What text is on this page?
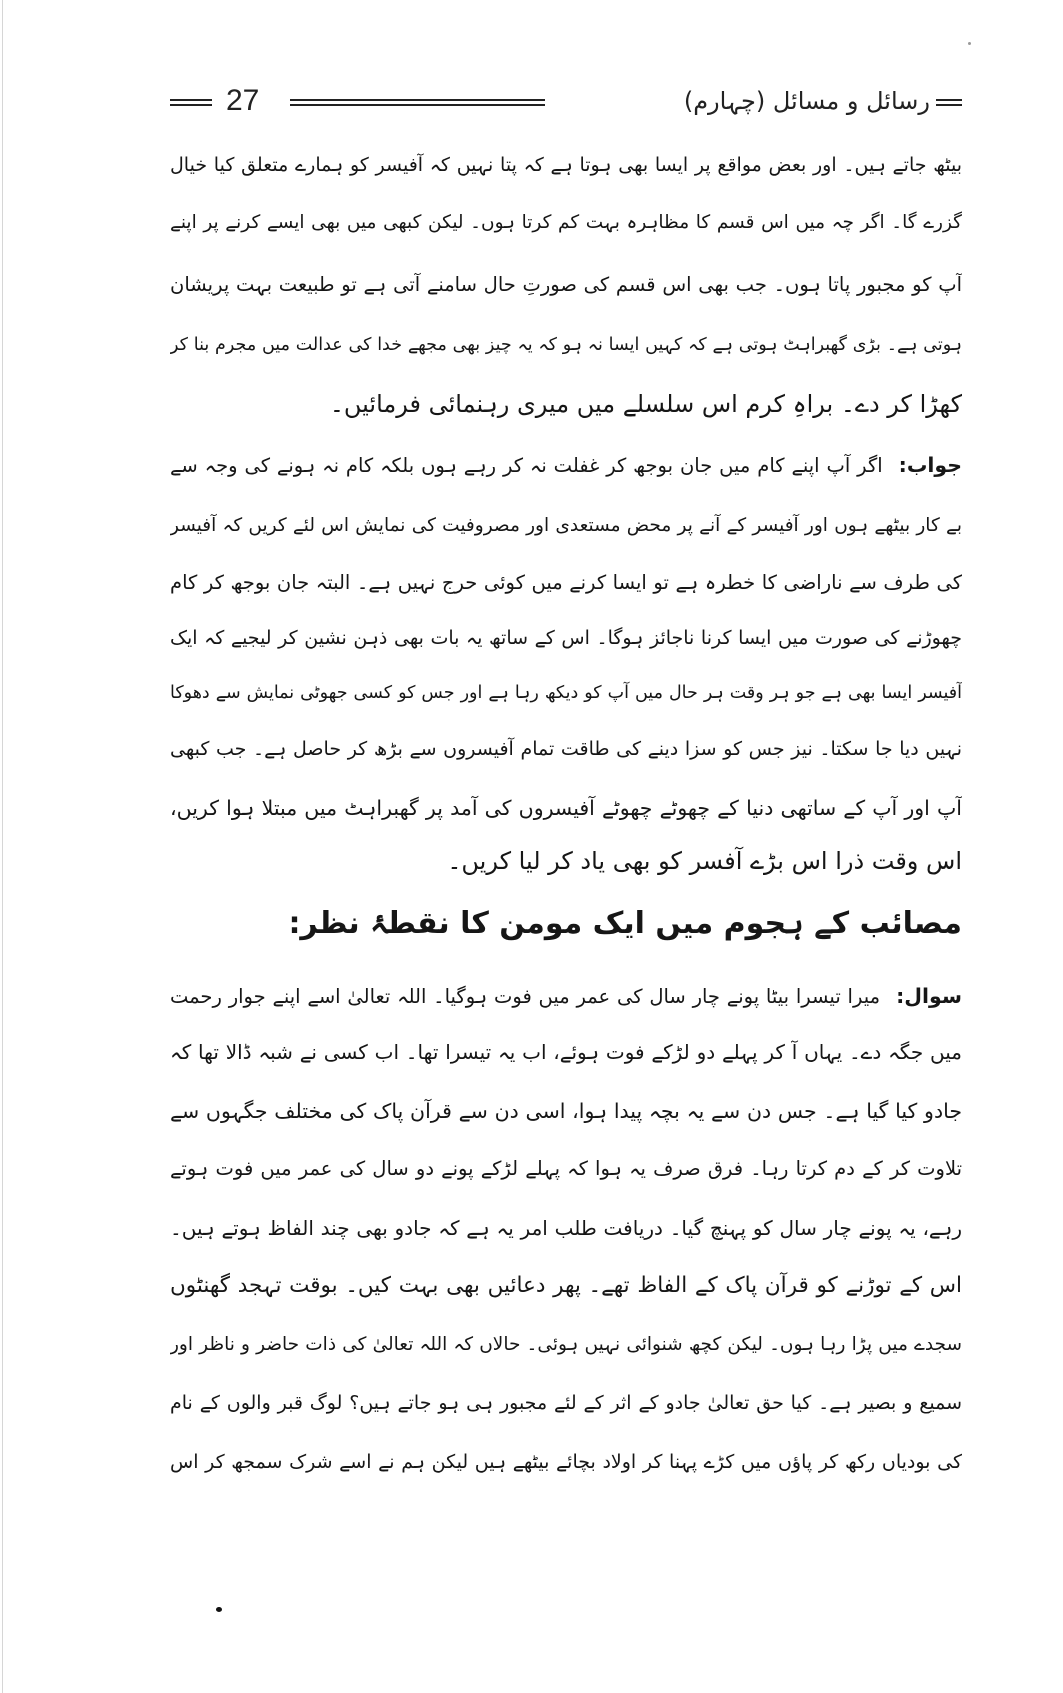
27	رسائل و مسائل (چہارم)
بیٹھ جاتے ہیں۔ اور بعض مواقع پر ایسا بھی ہوتا ہے کہ پتا نہیں کہ آفیسر کو ہمارے متعلق کیا خیال
گزرے گا۔ اگر چہ میں اس قسم کا مظاہرہ بہت کم کرتا ہوں۔ لیکن کبھی میں بھی ایسے کرنے پر اپنے
آپ کو مجبور پاتا ہوں۔ جب بھی اس قسم کی صورتِ حال سامنے آتی ہے تو طبیعت بہت پریشان
ہوتی ہے۔ بڑی گھبراہٹ ہوتی ہے کہ کہیں ایسا نہ ہو کہ یہ چیز بھی مجھے خدا کی عدالت میں مجرم بنا کر
کھڑا کر دے۔ براہِ کرم اس سلسلے میں میری رہنمائی فرمائیں۔
جواب:اگر آپ اپنے کام میں جان بوجھ کر غفلت نہ کر رہے ہوں بلکہ کام نہ ہونے کی وجہ سے
بے کار بیٹھے ہوں اور آفیسر کے آنے پر محض مستعدی اور مصروفیت کی نمایش اس لئے کریں کہ آفیسر
کی طرف سے ناراضی کا خطرہ ہے تو ایسا کرنے میں کوئی حرج نہیں ہے۔ البتہ جان بوجھ کر کام
چھوڑنے کی صورت میں ایسا کرنا ناجائز ہوگا۔ اس کے ساتھ یہ بات بھی ذہن نشین کر لیجیے کہ ایک
آفیسر ایسا بھی ہے جو ہر وقت ہر حال میں آپ کو دیکھ رہا ہے اور جس کو کسی جھوٹی نمایش سے دھوکا
نہیں دیا جا سکتا۔ نیز جس کو سزا دینے کی طاقت تمام آفیسروں سے بڑھ کر حاصل ہے۔ جب کبھی
آپ اور آپ کے ساتھی دنیا کے چھوٹے چھوٹے آفیسروں کی آمد پر گھبراہٹ میں مبتلا ہوا کریں،
اس وقت ذرا اس بڑے آفسر کو بھی یاد کر لیا کریں۔
مصائب کے ہجوم میں ایک مومن کا نقطۂ نظر:
سوال:میرا تیسرا بیٹا پونے چار سال کی عمر میں فوت ہوگیا۔ اللہ تعالیٰ اسے اپنے جوار رحمت
میں جگہ دے۔ یہاں آ کر پہلے دو لڑکے فوت ہوئے، اب یہ تیسرا تھا۔ اب کسی نے شبہ ڈالا تھا کہ
جادو کیا گیا ہے۔ جس دن سے یہ بچہ پیدا ہوا، اسی دن سے قرآن پاک کی مختلف جگہوں سے
تلاوت کر کے دم کرتا رہا۔ فرق صرف یہ ہوا کہ پہلے لڑکے پونے دو سال کی عمر میں فوت ہوتے
رہے، یہ پونے چار سال کو پہنچ گیا۔ دریافت طلب امر یہ ہے کہ جادو بھی چند الفاظ ہوتے ہیں۔
اس کے توڑنے کو قرآن پاک کے الفاظ تھے۔ پھر دعائیں بھی بہت کیں۔ بوقت تہجد گھنٹوں
سجدے میں پڑا رہا ہوں۔ لیکن کچھ شنوائی نہیں ہوئی۔ حالاں کہ اللہ تعالیٰ کی ذات حاضر و ناظر اور
سمیع و بصیر ہے۔ کیا حق تعالیٰ جادو کے اثر کے لئے مجبور ہی ہو جاتے ہیں؟ لوگ قبر والوں کے نام
کی بودیاں رکھ کر پاؤں میں کڑے پہنا کر اولاد بچائے بیٹھے ہیں لیکن ہم نے اسے شرک سمجھ کر اس
